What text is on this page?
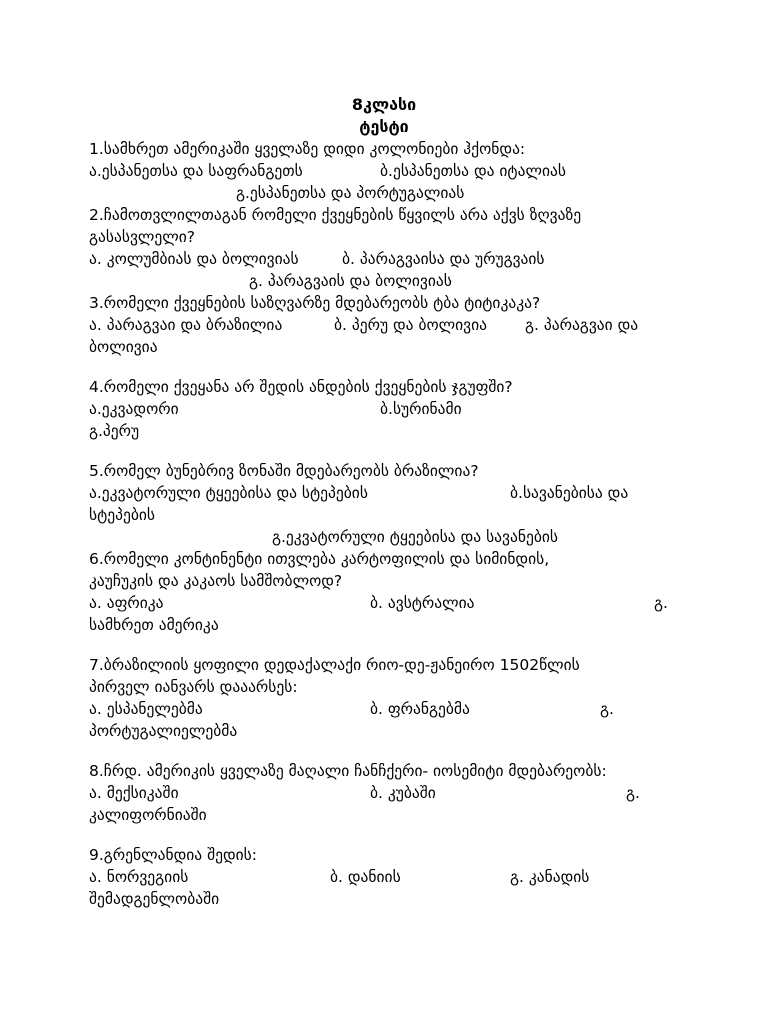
8კლასი
ტესტი
1.სამხრეთ ამერიკაში ყველაზე დიდი კოლონიები ჰქონდა:
ა.ესპანეთსა და საფრანგეთს	ბ.ესპანეთსა და იტალიას
გ.ესპანეთსა და პორტუგალიას
2.ჩამოთვლილთაგან რომელი ქვეყნების წყვილს არა აქვს ზღვაზე
გასასვლელი?
ა. კოლუმბიას და ბოლივიას	ბ. პარაგვაისა და ურუგვაის
გ. პარაგვაის და ბოლივიას
3.რომელი ქვეყნების საზღვარზე მდებარეობს ტბა ტიტიკაკა?
ა. პარაგვაი და ბრაზილია	ბ. პერუ და ბოლივია გ. პარაგვაი და
ბოლივია
4.რომელი ქვეყანა არ შედის ანდების ქვეყნების ჯგუფში?
ა.ეკვადორი	ბ.სურინამი
გ.პერუ
5.რომელ ბუნებრივ ზონაში მდებარეობს ბრაზილია?
ა.ეკვატორული ტყეებისა და სტეპების	ბ.სავანებისა და
სტეპების
გ.ეკვატორული ტყეებისა და სავანების
6.რომელი კონტინენტი ითვლება კარტოფილის და სიმინდის,
კაუჩუკის და კაკაოს სამშობლოდ?
ა. აფრიკა	ბ. ავსტრალია	გ.
სამხრეთ ამერიკა
7.ბრაზილიის ყოფილი დედაქალაქი რიო-დე-ჟანეირო 1502წლის
პირველ იანვარს დააარსეს:
ა. ესპანელებმა	ბ. ფრანგებმა	გ.
პორტუგალიელებმა
8.ჩრდ. ამერიკის ყველაზე მაღალი ჩანჩქერი- იოსემიტი მდებარეობს:
ა. მექსიკაში	ბ. კუბაში	გ.
კალიფორნიაში
9.გრენლანდია შედის:
ა. ნორვეგიის	ბ. დანიის	გ. კანადის
შემადგენლობაში
